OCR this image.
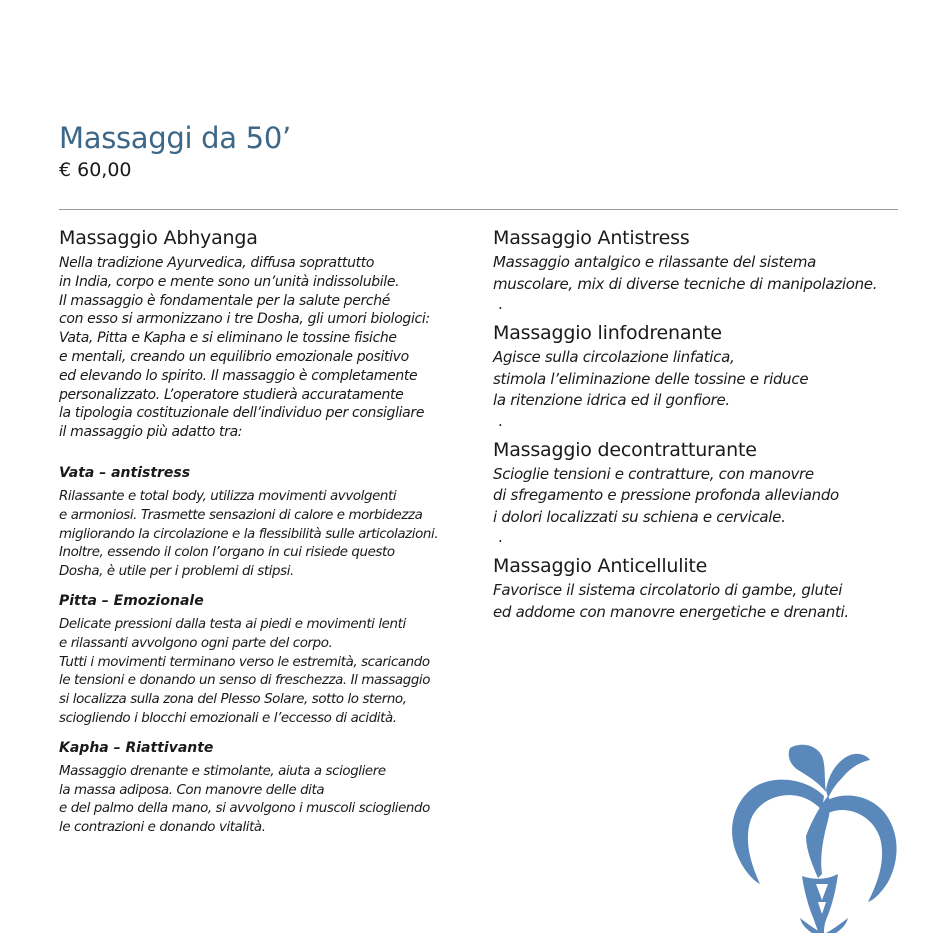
Massaggi da 50’
€ 60,00
Massaggio Abhyanga

Nella tradizione Ayurvedica, diffusa soprattutto
in India, corpo e mente sono un’unità indissolubile.
Il massaggio è fondamentale per la salute perché
con esso si armonizzano i tre Dosha, gli umori biologici:
Vata, Pitta e Kapha e si eliminano le tossine fisiche
e mentali, creando un equilibrio emozionale positivo
ed elevando lo spirito. Il massaggio è completamente
personalizzato. L’operatore studierà accuratamente
la tipologia costituzionale dell’individuo per consigliare
il massaggio più adatto tra:

Vata – antistress

Rilassante e total body, utilizza movimenti avvolgenti
e armoniosi. Trasmette sensazioni di calore e morbidezza
migliorando la circolazione e la flessibilità sulle articolazioni.
Inoltre, essendo il colon l’organo in cui risiede questo
Dosha, è utile per i problemi di stipsi.

Pitta – Emozionale

Delicate pressioni dalla testa ai piedi e movimenti lenti
e rilassanti avvolgono ogni parte del corpo.
Tutti i movimenti terminano verso le estremità, scaricando
le tensioni e donando un senso di freschezza. Il massaggio
si localizza sulla zona del Plesso Solare, sotto lo sterno,
sciogliendo i blocchi emozionali e l’eccesso di acidità.

Kapha – Riattivante

Massaggio drenante e stimolante, aiuta a sciogliere
la massa adiposa. Con manovre delle dita
e del palmo della mano, si avvolgono i muscoli sciogliendo
le contrazioni e donando vitalità.

Massaggio Antistress

Massaggio antalgico e rilassante del sistema
muscolare, mix di diverse tecniche di manipolazione.

.
Massaggio linfodrenante

Agisce sulla circolazione linfatica,
stimola l’eliminazione delle tossine e riduce
la ritenzione idrica ed il gonfiore.

.
Massaggio decontratturante

Scioglie tensioni e contratture, con manovre
di sfregamento e pressione profonda alleviando
i dolori localizzati su schiena e cervicale.

.
Massaggio Anticellulite

Favorisce il sistema circolatorio di gambe, glutei
ed addome con manovre energetiche e drenanti.
